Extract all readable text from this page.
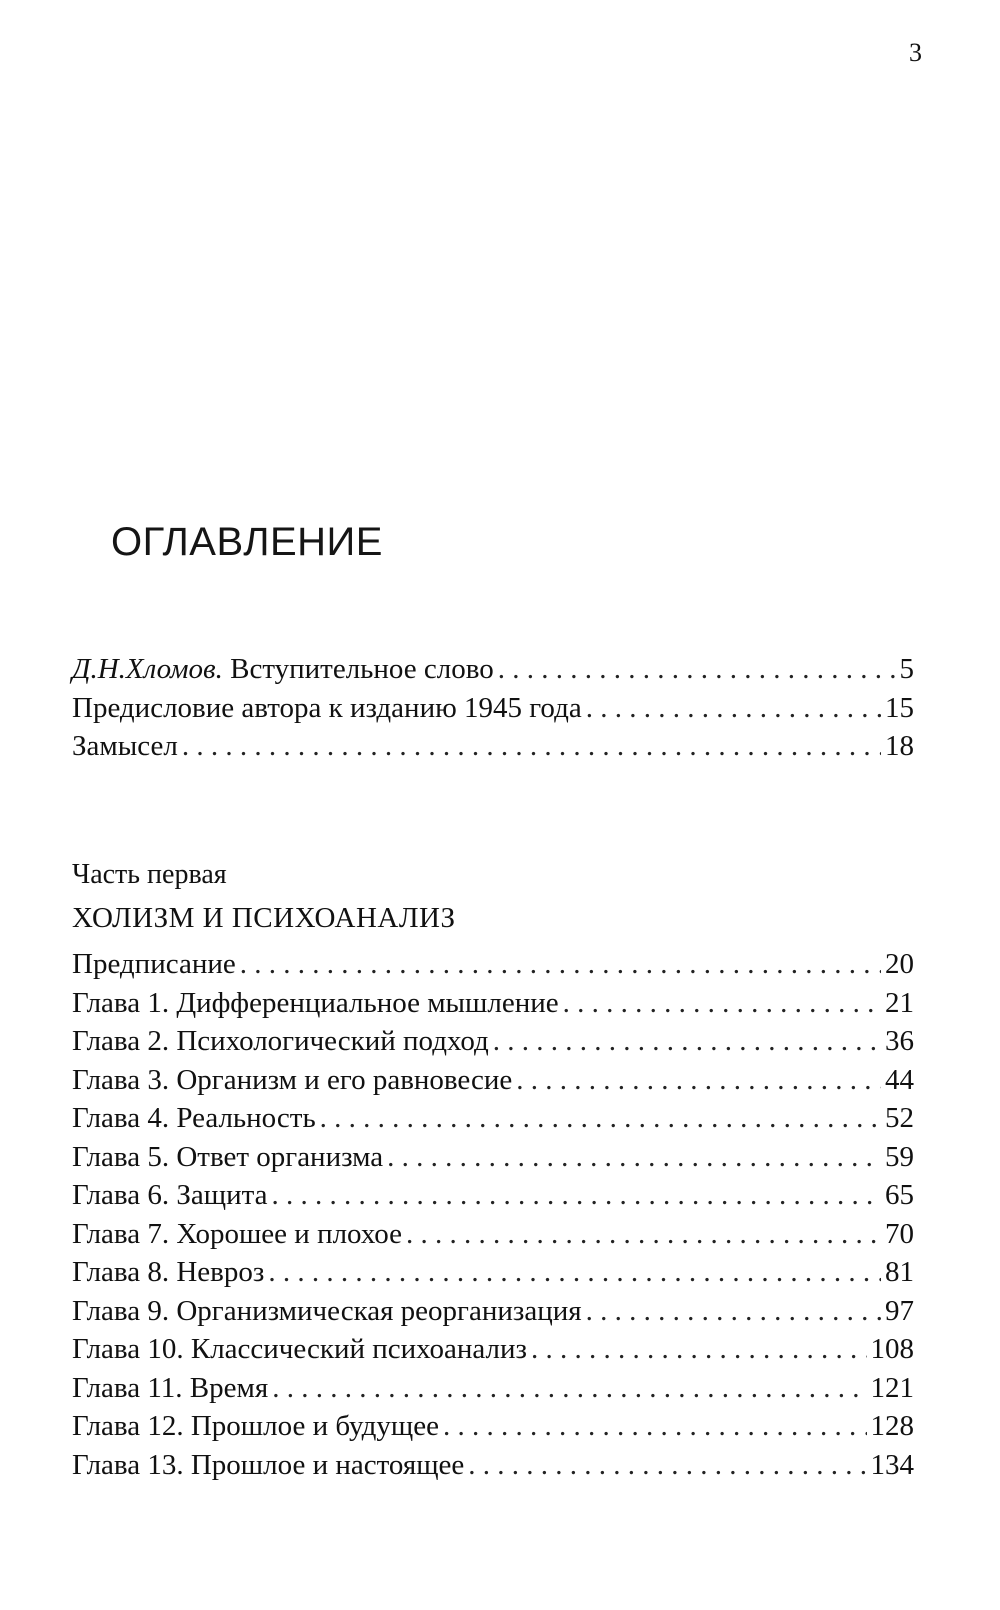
3
ОГЛАВЛЕНИЕ
Д.Н.Хломов. Вступительное слово . . .	5
Предисловие автора к изданию 1945 года . . .	15
Замысел . . .	18
Часть первая
ХОЛИЗМ И ПСИХОАНАЛИЗ
Предписание . . .	20
Глава 1. Дифференциальное мышление . . .	21
Глава 2. Психологический подход . . .	36
Глава 3. Организм и его равновесие . . .	44
Глава 4. Реальность . . .	52
Глава 5. Ответ организма . . .	59
Глава 6. Защита . . .	65
Глава 7. Хорошее и плохое . . .	70
Глава 8. Невроз . . .	81
Глава 9. Организмическая реорганизация . . .	97
Глава 10. Классический психоанализ . . .	108
Глава 11. Время . . .	121
Глава 12. Прошлое и будущее . . .	128
Глава 13. Прошлое и настоящее . . .	134
